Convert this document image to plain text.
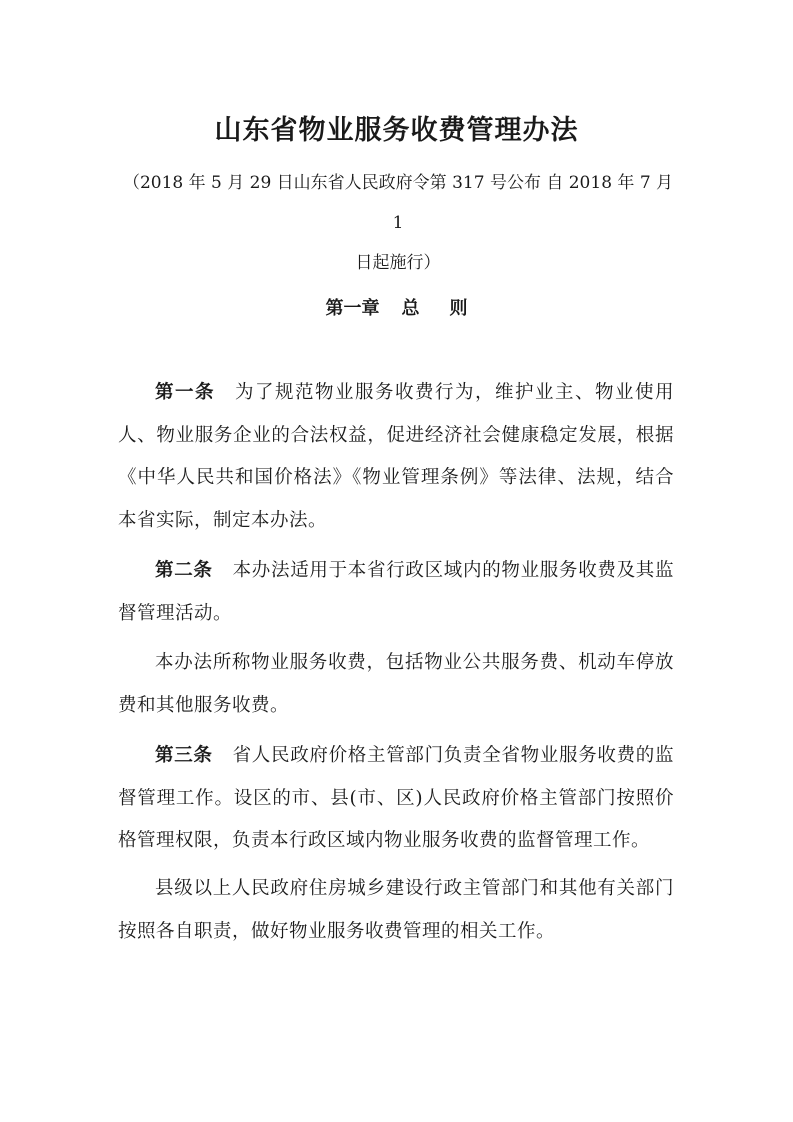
山东省物业服务收费管理办法
（2018 年 5 月 29 日山东省人民政府令第 317 号公布 自 2018 年 7 月 1
日起施行）
第一章 总 则

第一条 为了规范物业服务收费行为，维护业主、物业使用人、物业服务企业的合法权益，促进经济社会健康稳定发展，根据《中华人民共和国价格法》《物业管理条例》等法律、法规，结合本省实际，制定本办法。

第二条 本办法适用于本省行政区域内的物业服务收费及其监督管理活动。

本办法所称物业服务收费，包括物业公共服务费、机动车停放费和其他服务收费。

第三条 省人民政府价格主管部门负责全省物业服务收费的监督管理工作。设区的市、县(市、区)人民政府价格主管部门按照价格管理权限，负责本行政区域内物业服务收费的监督管理工作。

县级以上人民政府住房城乡建设行政主管部门和其他有关部门按照各自职责，做好物业服务收费管理的相关工作。
